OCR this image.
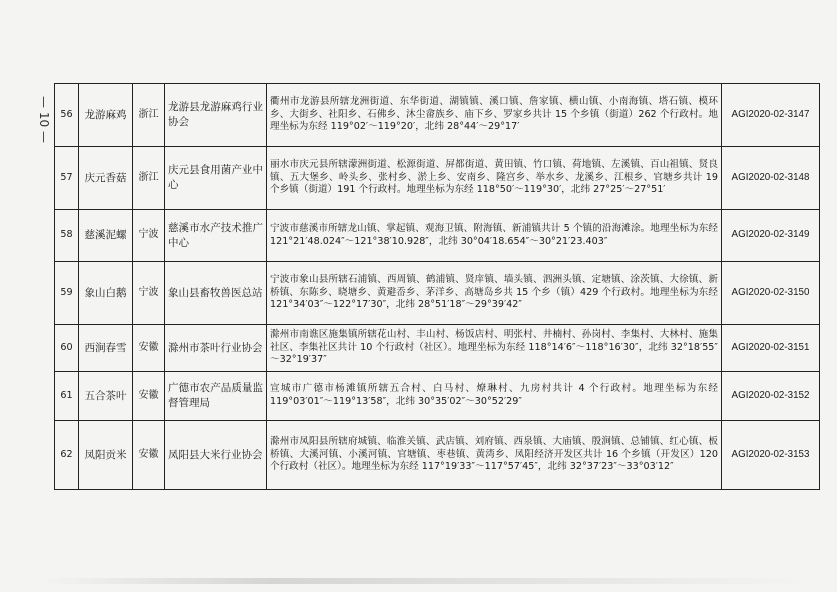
— 10 —
56	龙游麻鸡	浙江	龙游县龙游麻鸡行业协会	衢州市龙游县所辖龙洲街道、东华街道、湖镇镇、溪口镇、詹家镇、横山镇、小南海镇、塔石镇、模环乡、大街乡、社阳乡、石佛乡、沐尘畲族乡、庙下乡、罗家乡共计 15 个乡镇（街道）262 个行政村。地理坐标为东经 119°02′～119°20′，北纬 28°44′～29°17′	AGI2020-02-3147
57	庆元香菇	浙江	庆元县食用菌产业中心	丽水市庆元县所辖濛洲街道、松源街道、屏都街道、黄田镇、竹口镇、荷地镇、左溪镇、百山祖镇、贤良镇、五大堡乡、岭头乡、张村乡、淤上乡、安南乡、隆宫乡、举水乡、龙溪乡、江根乡、官塘乡共计 19 个乡镇（街道）191 个行政村。地理坐标为东经 118°50′～119°30′，北纬 27°25′～27°51′	AGI2020-02-3148
58	慈溪泥螺	宁波	慈溪市水产技术推广中心	宁波市慈溪市所辖龙山镇、掌起镇、观海卫镇、附海镇、新浦镇共计 5 个镇的沿海滩涂。地理坐标为东经 121°21′48.024″～121°38′10.928″，北纬 30°04′18.654″～30°21′23.403″	AGI2020-02-3149
59	象山白鹅	宁波	象山县畜牧兽医总站	宁波市象山县所辖石浦镇、西周镇、鹤浦镇、贤庠镇、墙头镇、泗洲头镇、定塘镇、涂茨镇、大徐镇、新桥镇、东陈乡、晓塘乡、黄避岙乡、茅洋乡、高塘岛乡共 15 个乡（镇）429 个行政村。地理坐标为东经 121°34′03″～122°17′30″，北纬 28°51′18″～29°39′42″	AGI2020-02-3150
60	西涧春雪	安徽	滁州市茶叶行业协会	滁州市南谯区施集镇所辖花山村、丰山村、杨饭店村、明张村、井楠村、孙岗村、李集村、大林村、施集社区、李集社区共计 10 个行政村（社区）。地理坐标为东经 118°14′6″～118°16′30″，北纬 32°18′55″～32°19′37″	AGI2020-02-3151
61	五合茶叶	安徽	广德市农产品质量监督管理局	宣城市广德市杨滩镇所辖五合村、白马村、燎琳村、九房村共计 4 个行政村。地理坐标为东经 119°03′01″～119°13′58″，北纬 30°35′02″～30°52′29″	AGI2020-02-3152
62	凤阳贡米	安徽	凤阳县大米行业协会	滁州市凤阳县所辖府城镇、临淮关镇、武店镇、刘府镇、西泉镇、大庙镇、殷涧镇、总铺镇、红心镇、板桥镇、大溪河镇、小溪河镇、官塘镇、枣巷镇、黄湾乡、凤阳经济开发区共计 16 个乡镇（开发区）120 个行政村（社区）。地理坐标为东经 117°19′33″～117°57′45″，北纬 32°37′23″～33°03′12″	AGI2020-02-3153
